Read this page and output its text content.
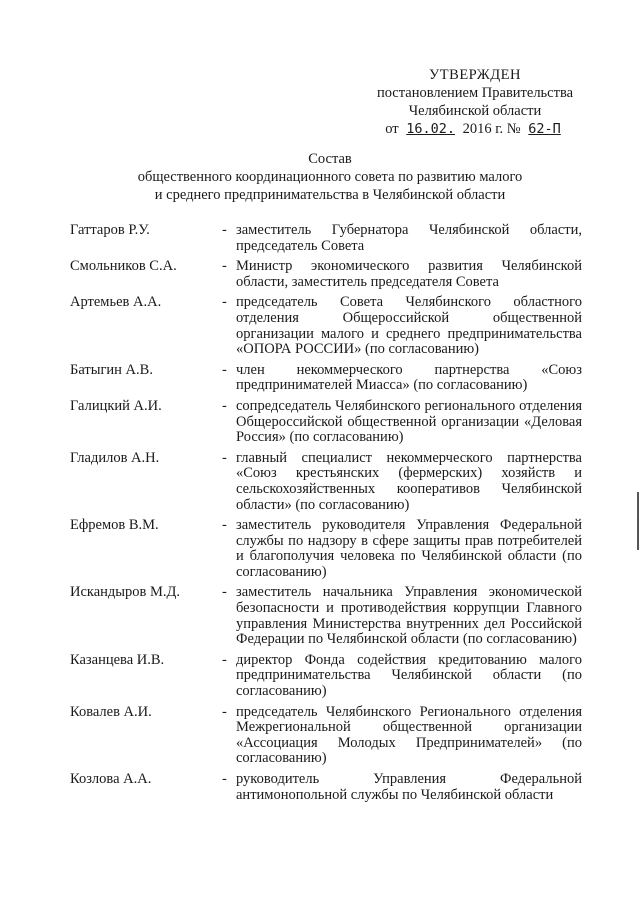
УТВЕРЖДЕН
постановлением Правительства
Челябинской области
от 16.02. 2016 г. № 62-П
Состав
общественного координационного совета по развитию малого
и среднего предпринимательства в Челябинской области
Гаттаров Р.У.	- заместитель Губернатора Челябинской области, председатель Совета
Смольников С.А.	- Министр экономического развития Челябинской области, заместитель председателя Совета
Артемьев А.А.	- председатель Совета Челябинского областного отделения Общероссийской общественной организации малого и среднего предпринимательства «ОПОРА РОССИИ» (по согласованию)
Батыгин А.В.	- член некоммерческого партнерства «Союз предпринимателей Миасса» (по согласованию)
Галицкий А.И.	- сопредседатель Челябинского регионального отделения Общероссийской общественной организации «Деловая Россия» (по согласованию)
Гладилов А.Н.	- главный специалист некоммерческого партнерства «Союз крестьянских (фермерских) хозяйств и сельскохозяйственных кооперативов Челябинской области» (по согласованию)
Ефремов В.М.	- заместитель руководителя Управления Федеральной службы по надзору в сфере защиты прав потребителей и благополучия человека по Челябинской области (по согласованию)
Искандыров М.Д.	- заместитель начальника Управления экономической безопасности и противодействия коррупции Главного управления Министерства внутренних дел Российской Федерации по Челябинской области (по согласованию)
Казанцева И.В.	- директор Фонда содействия кредитованию малого предпринимательства Челябинской области (по согласованию)
Ковалев А.И.	- председатель Челябинского Регионального отделения Межрегиональной общественной организации «Ассоциация Молодых Предпринимателей» (по согласованию)
Козлова А.А.	- руководитель Управления Федеральной антимонопольной службы по Челябинской области
